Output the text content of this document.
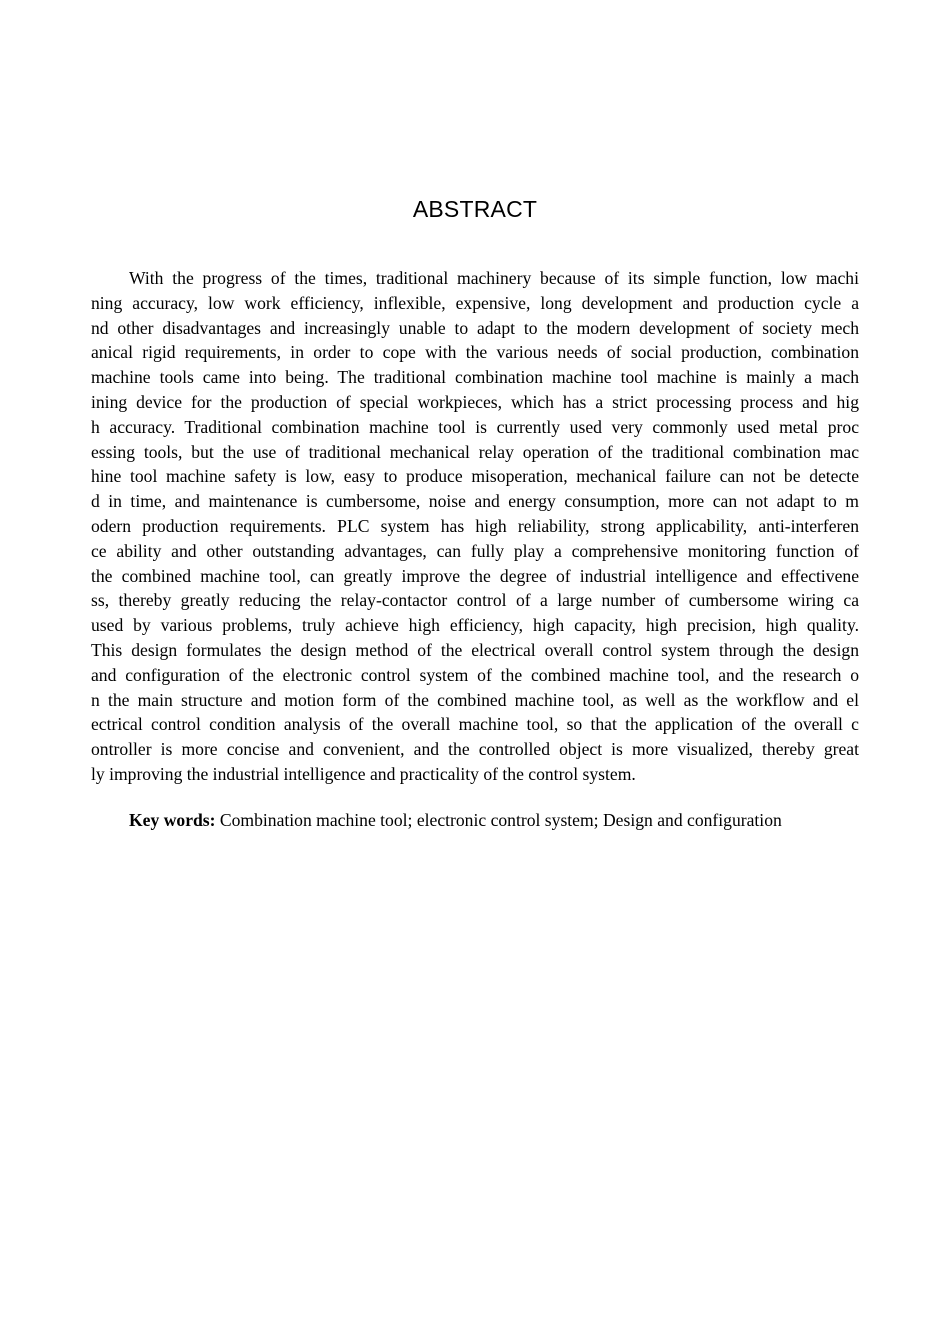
ABSTRACT
With the progress of the times, traditional machinery because of its simple function, low machi
ning accuracy, low work efficiency, inflexible, expensive, long development and production cycle a
nd other disadvantages and increasingly unable to adapt to the modern development of society mech
anical rigid requirements, in order to cope with the various needs of social production, combination
machine tools came into being. The traditional combination machine tool machine is mainly a mach
ining device for the production of special workpieces, which has a strict processing process and hig
h accuracy. Traditional combination machine tool is currently used very commonly used metal proc
essing tools, but the use of traditional mechanical relay operation of the traditional combination mac
hine tool machine safety is low, easy to produce misoperation, mechanical failure can not be detecte
d in time, and maintenance is cumbersome, noise and energy consumption, more can not adapt to m
odern production requirements. PLC system has high reliability, strong applicability, anti-interferen
ce ability and other outstanding advantages, can fully play a comprehensive monitoring function of
the combined machine tool, can greatly improve the degree of industrial intelligence and effectivene
ss, thereby greatly reducing the relay-contactor control of a large number of cumbersome wiring ca
used by various problems, truly achieve high efficiency, high capacity, high precision, high quality.
This design formulates the design method of the electrical overall control system through the design
and configuration of the electronic control system of the combined machine tool, and the research o
n the main structure and motion form of the combined machine tool, as well as the workflow and el
ectrical control condition analysis of the overall machine tool, so that the application of the overall c
ontroller is more concise and convenient, and the controlled object is more visualized, thereby great
ly improving the industrial intelligence and practicality of the control system.
Key words: Combination machine tool; electronic control system; Design and configuration
